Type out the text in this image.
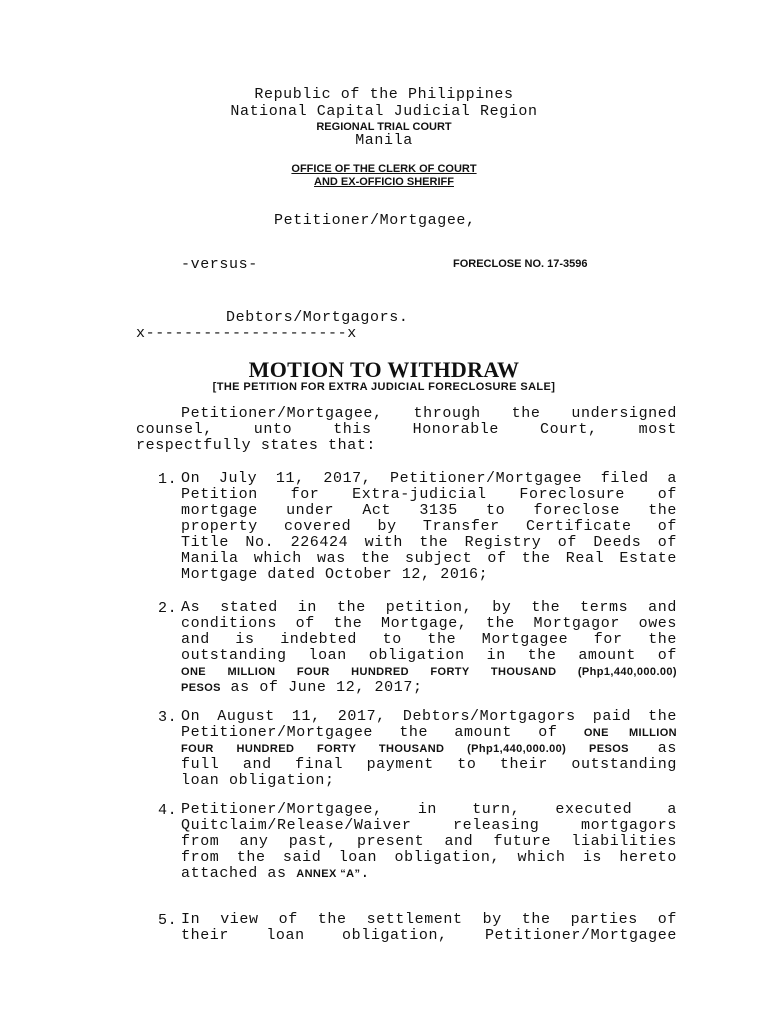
Republic of the Philippines
National Capital Judicial Region
REGIONAL TRIAL COURT
Manila
OFFICE OF THE CLERK OF COURT
AND EX-OFFICIO SHERIFF
Petitioner/Mortgagee,
-versus-	FORECLOSE NO. 17-3596
Debtors/Mortgagors.
x---------------------x
MOTION TO WITHDRAW
[THE PETITION FOR EXTRA JUDICIAL FORECLOSURE SALE]
Petitioner/Mortgagee, through the undersigned
counsel, unto this Honorable Court, most
respectfully states that:
1. On July 11, 2017, Petitioner/Mortgagee filed a
Petition for Extra-judicial Foreclosure of
mortgage under Act 3135 to foreclose the
property covered by Transfer Certificate of
Title No. 226424 with the Registry of Deeds of
Manila which was the subject of the Real Estate
Mortgage dated October 12, 2016;
2. As stated in the petition, by the terms and
conditions of the Mortgage, the Mortgagor owes
and is indebted to the Mortgagee for the
outstanding loan obligation in the amount of
ONE MILLION FOUR HUNDRED FORTY THOUSAND (Php1,440,000.00)
PESOS as of June 12, 2017;
3. On August 11, 2017, Debtors/Mortgagors paid the
Petitioner/Mortgagee the amount of ONE MILLION
FOUR HUNDRED FORTY THOUSAND (Php1,440,000.00) PESOS as
full and final payment to their outstanding
loan obligation;
4. Petitioner/Mortgagee, in turn, executed a
Quitclaim/Release/Waiver releasing mortgagors
from any past, present and future liabilities
from the said loan obligation, which is hereto
attached as ANNEX “A”.
5. In view of the settlement by the parties of
their loan obligation, Petitioner/Mortgagee
